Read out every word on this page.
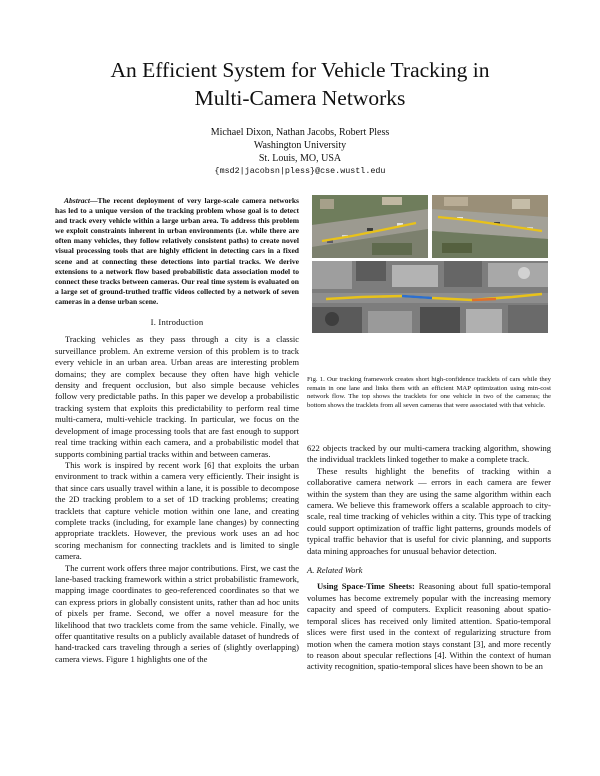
An Efficient System for Vehicle Tracking in
Multi-Camera Networks
Michael Dixon, Nathan Jacobs, Robert Pless
Washington University
St. Louis, MO, USA
{msd2|jacobsn|pless}@cse.wustl.edu

Abstract—The recent deployment of very large-scale camera networks has led to a unique version of the tracking problem whose goal is to detect and track every vehicle within a large urban area. To address this problem we exploit constraints inherent in urban environments (i.e. while there are often many vehicles, they follow relatively consistent paths) to create novel visual processing tools that are highly efficient in detecting cars in a fixed scene and at connecting these detections into partial tracks. We derive extensions to a network flow based probabilistic data association model to connect these tracks between cameras. Our real time system is evaluated on a large set of ground-truthed traffic videos collected by a network of seven cameras in a dense urban scene.

I. Introduction

Tracking vehicles as they pass through a city is a classic surveillance problem. An extreme version of this problem is to track every vehicle in an urban area. Urban areas are interesting problem domains; they are complex because they often have high vehicle density and frequent occlusion, but also simple because vehicles follow very predictable paths. In this paper we develop a probabilistic tracking system that exploits this predictability to perform real time multi-camera, multi-vehicle tracking. In particular, we focus on the development of image processing tools that are fast enough to support real time tracking within each camera, and a probabilistic model that supports combining partial tracks within and between cameras.

This work is inspired by recent work [6] that exploits the urban environment to track within a camera very efficiently. Their insight is that since cars usually travel within a lane, it is possible to decompose the 2D tracking problem to a set of 1D tracking problems; creating tracklets that capture vehicle motion within one lane, and creating complete tracks (including, for example lane changes) by connecting appropriate tracklets. However, the previous work uses an ad hoc scoring mechanism for connecting tracklets and is limited to single camera.

The current work offers three major contributions. First, we cast the lane-based tracking framework within a strict probabilistic framework, mapping image coordinates to geo-referenced coordinates so that we can express priors in globally consistent units, rather than ad hoc units of pixels per frame. Second, we offer a novel measure for the likelihood that two tracklets come from the same vehicle. Finally, we offer quantitative results on a publicly available dataset of hundreds of hand-tracked cars traveling through a series of (slightly overlapping) camera views. Figure 1 highlights one of the

Fig. 1. Our tracking framework creates short high-confidence tracklets of cars while they remain in one lane and links them with an efficient MAP optimization using min-cost network flow. The top shows the tracklets for one vehicle in two of the cameras; the bottom shows the tracklets from all seven cameras that were associated with that vehicle.

622 objects tracked by our multi-camera tracking algorithm, showing the individual tracklets linked together to make a complete track.

These results highlight the benefits of tracking within a collaborative camera network — errors in each camera are fewer within the system than they are using the same algorithm within each camera. We believe this framework offers a scalable approach to city-scale, real time tracking of vehicles within a city. This type of tracking could support optimization of traffic light patterns, grounds models of typical traffic behavior that is useful for civic planning, and supports data mining approaches for unusual behavior detection.

A. Related Work

Using Space-Time Sheets: Reasoning about full spatio-temporal volumes has become extremely popular with the increasing memory capacity and speed of computers. Explicit reasoning about spatio-temporal slices has received only limited attention. Spatio-temporal slices were first used in the context of regularizing structure from motion when the camera motion stays constant [3], and more recently to reason about specular reflections [4]. Within the context of human activity recognition, spatio-temporal slices have been shown to be an
